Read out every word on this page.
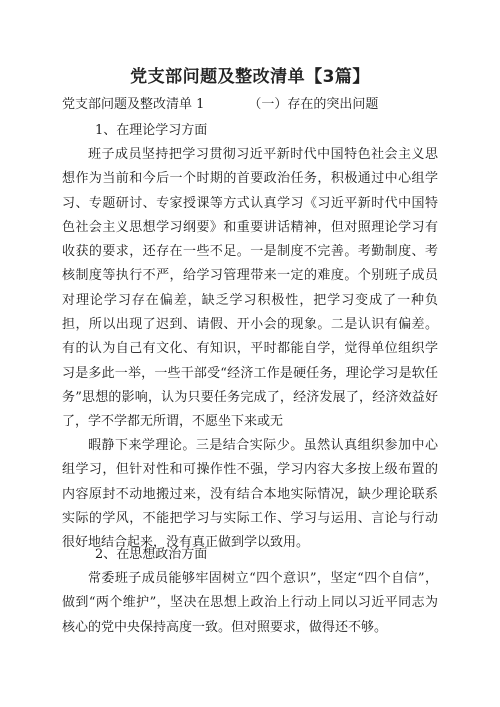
党支部问题及整改清单【3篇】
党支部问题及整改清单 1	（一）存在的突出问题
1、在理论学习方面
班子成员坚持把学习贯彻习近平新时代中国特色社会主义思想作为当前和今后一个时期的首要政治任务，积极通过中心组学习、专题研讨、专家授课等方式认真学习《习近平新时代中国特色社会主义思想学习纲要》和重要讲话精神，但对照理论学习有收获的要求，还存在一些不足。一是制度不完善。考勤制度、考核制度等执行不严，给学习管理带来一定的难度。个别班子成员对理论学习存在偏差，缺乏学习积极性，把学习变成了一种负担，所以出现了迟到、请假、开小会的现象。二是认识有偏差。有的认为自己有文化、有知识，平时都能自学，觉得单位组织学习是多此一举，一些干部受“经济工作是硬任务，理论学习是软任务”思想的影响，认为只要任务完成了，经济发展了，经济效益好了，学不学都无所谓，不愿坐下来或无
暇静下来学理论。三是结合实际少。虽然认真组织参加中心组学习，但针对性和可操作性不强，学习内容大多按上级布置的内容原封不动地搬过来，没有结合本地实际情况，缺少理论联系实际的学风，不能把学习与实际工作、学习与运用、言论与行动很好地结合起来，没有真正做到学以致用。
2、在思想政治方面
常委班子成员能够牢固树立“四个意识”，坚定“四个自信”，做到“两个维护”，坚决在思想上政治上行动上同以习近平同志为核心的党中央保持高度一致。但对照要求，做得还不够。
